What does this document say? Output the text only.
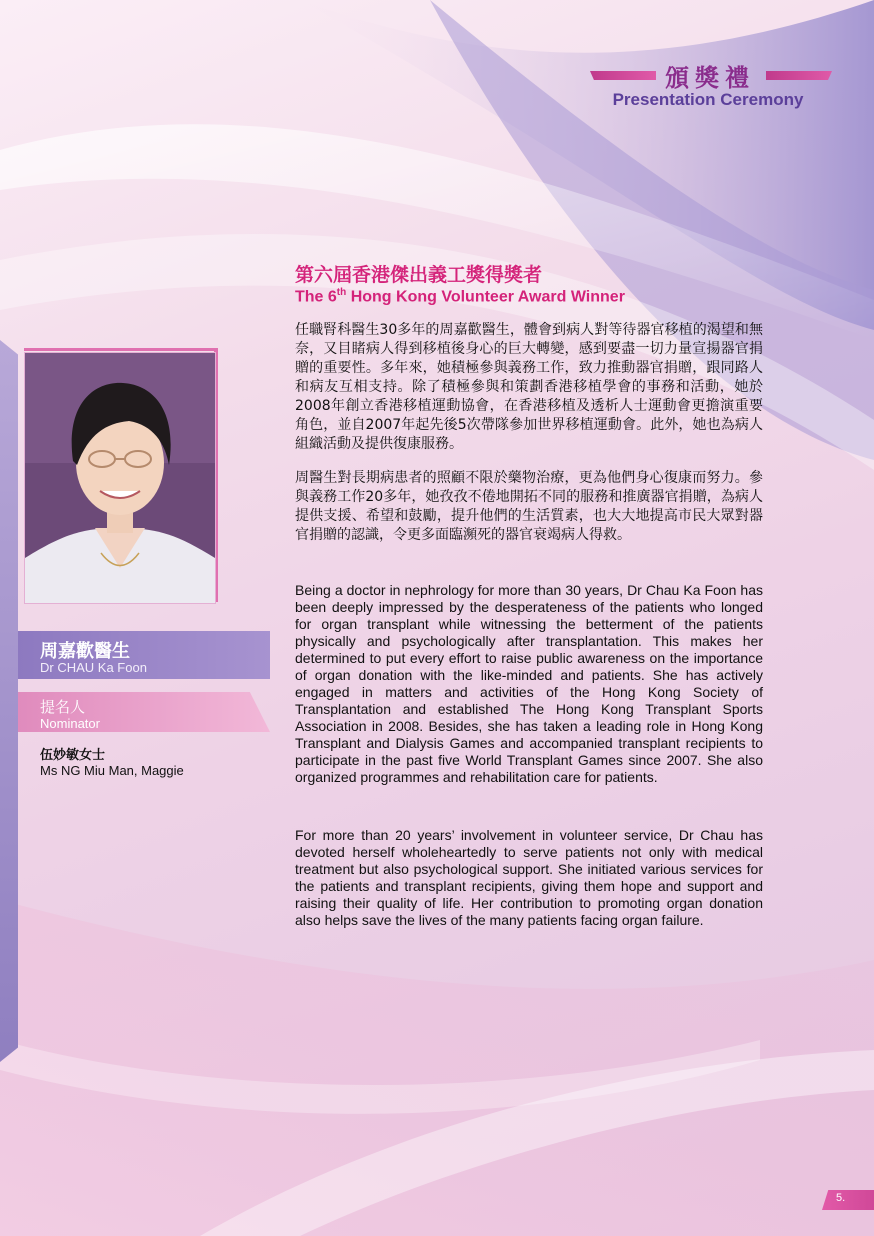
頒獎禮
Presentation Ceremony
第六屆香港傑出義工獎得獎者
The 6th Hong Kong Volunteer Award Winner

任職腎科醫生30多年的周嘉歡醫生，體會到病人對等待器官移植的渴望和無奈，又目睹病人得到移植後身心的巨大轉變，感到要盡一切力量宣揚器官捐贈的重要性。多年來，她積極參與義務工作，致力推動器官捐贈，跟同路人和病友互相支持。除了積極參與和策劃香港移植學會的事務和活動，她於2008年創立香港移植運動協會，在香港移植及透析人士運動會更擔演重要角色，並自2007年起先後5次帶隊參加世界移植運動會。此外，她也為病人組織活動及提供復康服務。

周醫生對長期病患者的照顧不限於藥物治療，更為他們身心復康而努力。參與義務工作20多年，她孜孜不倦地開拓不同的服務和推廣器官捐贈，為病人提供支援、希望和鼓勵，提升他們的生活質素，也大大地提高市民大眾對器官捐贈的認識，令更多面臨瀕死的器官衰竭病人得救。

Being a doctor in nephrology for more than 30 years, Dr Chau Ka Foon has been deeply impressed by the desperateness of the patients who longed for organ transplant while witnessing the betterment of the patients physically and psychologically after transplantation. This makes her determined to put every effort to raise public awareness on the importance of organ donation with the like-minded and patients. She has actively engaged in matters and activities of the Hong Kong Society of Transplantation and established The Hong Kong Transplant Sports Association in 2008. Besides, she has taken a leading role in Hong Kong Transplant and Dialysis Games and accompanied transplant recipients to participate in the past five World Transplant Games since 2007. She also organized programmes and rehabilitation care for patients.

For more than 20 years’ involvement in volunteer service, Dr Chau has devoted herself wholeheartedly to serve patients not only with medical treatment but also psychological support. She initiated various services for the patients and transplant recipients, giving them hope and support and raising their quality of life. Her contribution to promoting organ donation also helps save the lives of the many patients facing organ failure.

周嘉歡醫生
Dr CHAU Ka Foon
提名人
Nominator
伍妙敏女士
Ms NG Miu Man, Maggie
5.
